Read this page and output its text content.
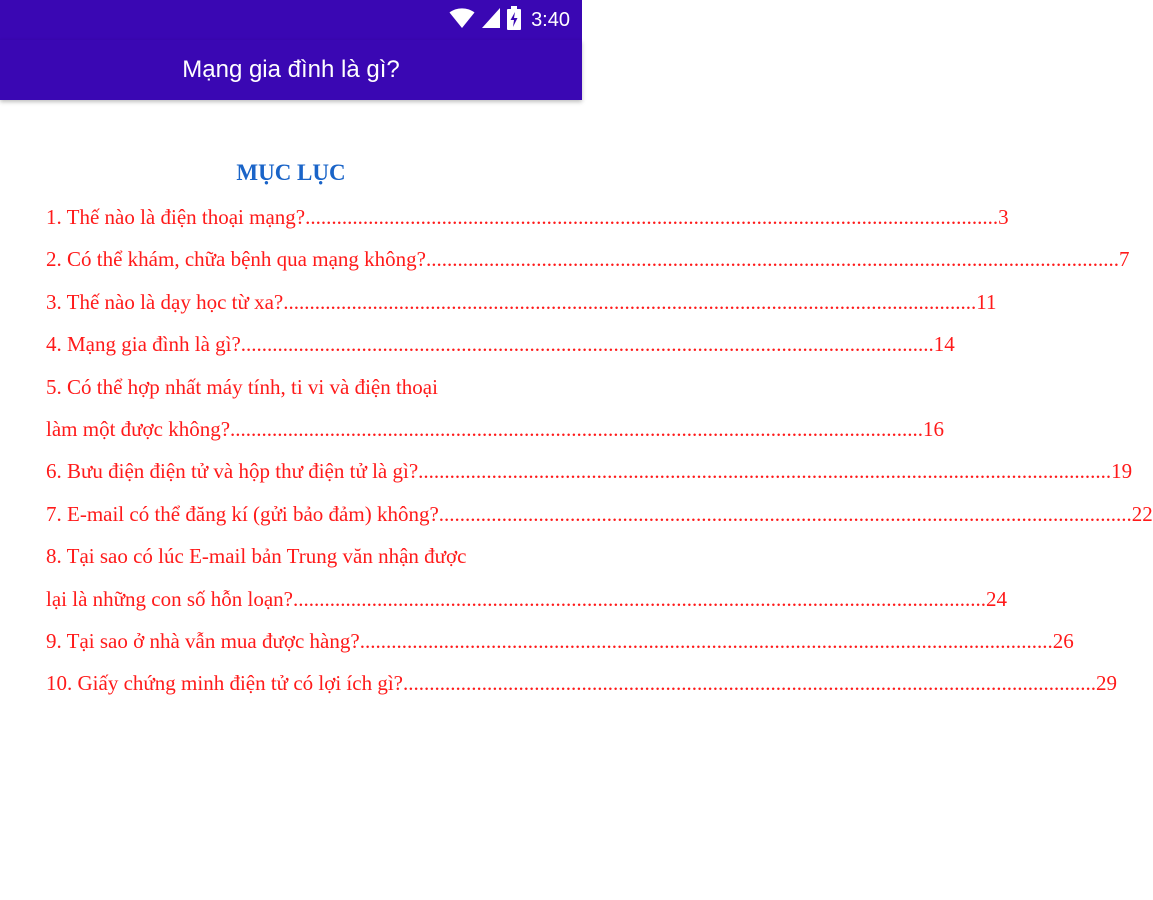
3:40
Mạng gia đình là gì?
MỤC LỤC
1. Thế nào là điện thoại mạng? .....	3
2. Có thể khám, chữa bệnh qua mạng không? .....	7
3. Thế nào là dạy học từ xa? .....	11
4. Mạng gia đình là gì? .....	14
5. Có thể hợp nhất máy tính, ti vi và điện thoại
làm một được không? .....	16
6. Bưu điện điện tử và hộp thư điện tử là gì? .....	19
7. E-mail có thể đăng kí (gửi bảo đảm) không? .....	22
8. Tại sao có lúc E-mail bản Trung văn nhận được
lại là những con số hỗn loạn? .....	24
9. Tại sao ở nhà vẫn mua được hàng? .....	26
10. Giấy chứng minh điện tử có lợi ích gì? .....	29
